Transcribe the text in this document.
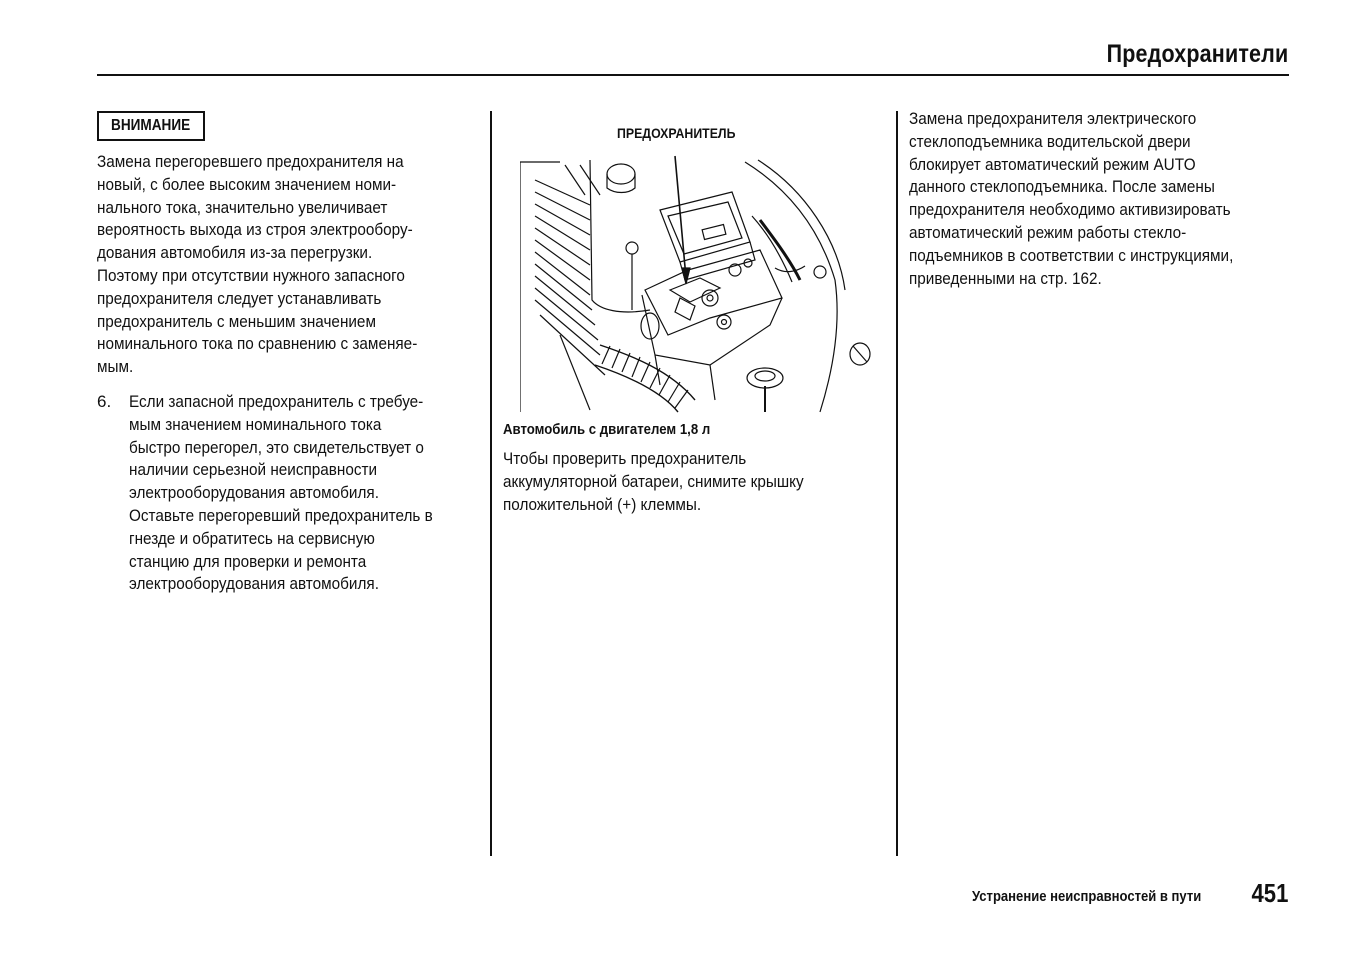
Предохранители
ВНИМАНИЕ
Замена перегоревшего предохранителя на
новый, с более высоким значением номи-
нального тока, значительно увеличивает
вероятность выхода из строя электрообору-
дования автомобиля из-за перегрузки.
Поэтому при отсутствии нужного запасного
предохранителя следует устанавливать
предохранитель с меньшим значением
номинального тока по сравнению с заменяе-
мым.
6. Если запасной предохранитель с требуе-
мым значением номинального тока
быстро перегорел, это свидетельствует о
наличии серьезной неисправности
электрооборудования автомобиля.
Оставьте перегоревший предохранитель в
гнезде и обратитесь на сервисную
станцию для проверки и ремонта
электрооборудования автомобиля.
ПРЕДОХРАНИТЕЛЬ
Автомобиль с двигателем 1,8 л
Чтобы проверить предохранитель
аккумуляторной батареи, снимите крышку
положительной (+) клеммы.
Замена предохранителя электрического
стеклоподъемника водительской двери
блокирует автоматический режим AUTO
данного стеклоподъемника. После замены
предохранителя необходимо активизировать
автоматический режим работы стекло-
подъемников в соответствии с инструкциями,
приведенными на стр. 162.
Устранение неисправностей в пути 451
